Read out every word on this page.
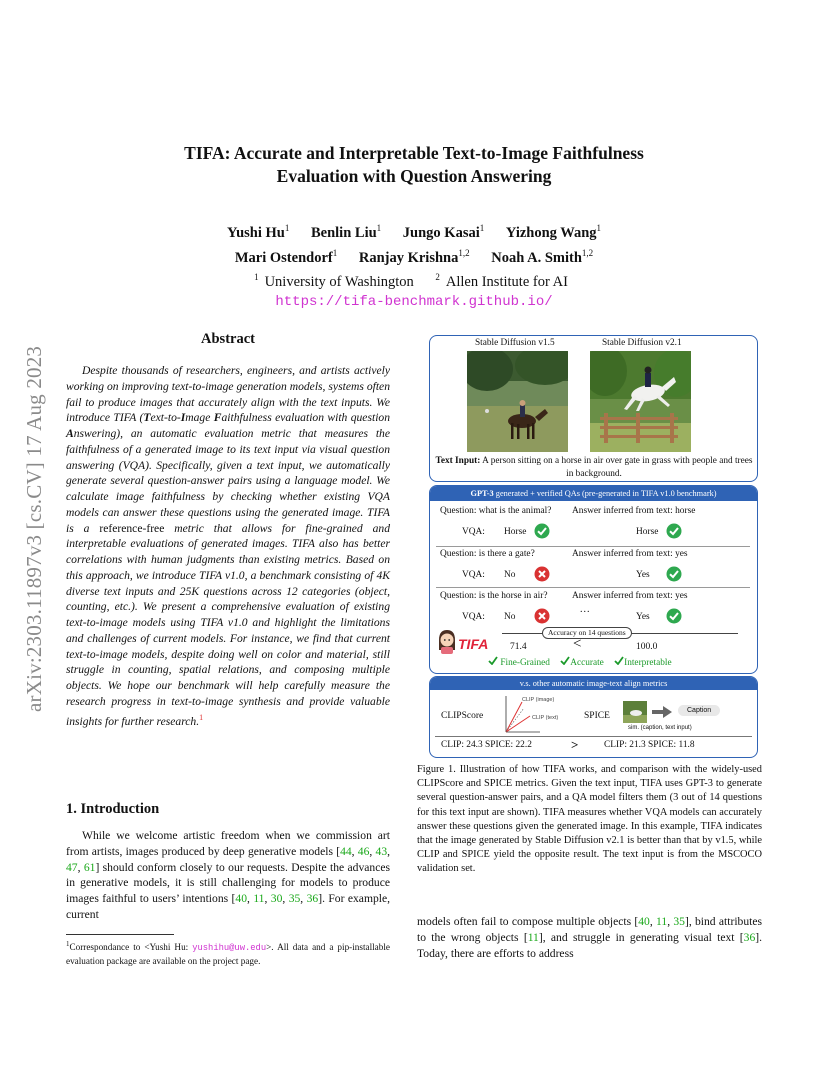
arXiv:2303.11897v3 [cs.CV] 17 Aug 2023
TIFA: Accurate and Interpretable Text-to-Image Faithfulness
Evaluation with Question Answering
Yushi Hu$^1$ Benlin Liu$^1$ Jungo Kasai$^1$ Yizhong Wang$^1$
Mari Ostendorf$^1$ Ranjay Krishna$^{1,2}$ Noah A. Smith$^{1,2}$
$^1$ University of Washington $^2$ Allen Institute for AI
https://tifa-benchmark.github.io/
Abstract
Despite thousands of researchers, engineers, and artists actively working on improving text-to-image generation models, systems often fail to produce images that accurately align with the text inputs. We introduce TIFA (Text-to-Image Faithfulness evaluation with question Answering), an automatic evaluation metric that measures the faithfulness of a generated image to its text input via visual question answering (VQA). Specifically, given a text input, we automatically generate several question-answer pairs using a language model. We calculate image faithfulness by checking whether existing VQA models can answer these questions using the generated image. TIFA is a reference-free metric that allows for fine-grained and interpretable evaluations of generated images. TIFA also has better correlations with human judgments than existing metrics. Based on this approach, we introduce TIFA v1.0, a benchmark consisting of 4K diverse text inputs and 25K questions across 12 categories (object, counting, etc.). We present a comprehensive evaluation of existing text-to-image models using TIFA v1.0 and highlight the limitations and challenges of current models. For instance, we find that current text-to-image models, despite doing well on color and material, still struggle in counting, spatial relations, and composing multiple objects. We hope our benchmark will help carefully measure the research progress in text-to-image synthesis and provide valuable insights for further research.$^1$
1. Introduction
While we welcome artistic freedom when we commission art from artists, images produced by deep generative models [44, 46, 43, 47, 61] should conform closely to our requests. Despite the advances in generative models, it is still challenging for models to produce images faithful to users’ intentions [40, 11, 30, 35, 36]. For example, current
$^1$Correspondance to <Yushi Hu: yushihu@uw.edu>. All data and a pip-installable evaluation package are available on the project page.
Stable Diffusion v1.5	Stable Diffusion v2.1
Text Input: A person sitting on a horse in air over gate in grass with people and trees in background.
GPT-3 generated + verified QAs (pre-generated in TIFA v1.0 benchmark)
Question: what is the animal? Answer inferred from text: horse
VQA: Horse	Horse
Question: is there a gate?	Answer inferred from text: yes
VQA: No	Yes
Question: is the horse in air?	Answer inferred from text: yes
VQA: No	Yes
...
Accuracy on 14 questions
TIFA 71.4	<	100.0
Fine-Grained Accurate Interpretable
v.s. other automatic image-text align metrics
CLIPScore
CLIP (image)
CLIP (text)	SPICE
Caption
sim. (caption, text input)
CLIP: 24.3 SPICE: 22.2	>	CLIP: 21.3 SPICE: 11.8
Figure 1. Illustration of how TIFA works, and comparison with the widely-used CLIPScore and SPICE metrics. Given the text input, TIFA uses GPT-3 to generate several question-answer pairs, and a QA model filters them (3 out of 14 questions for this text input are shown). TIFA measures whether VQA models can accurately answer these questions given the generated image. In this example, TIFA indicates that the image generated by Stable Diffusion v2.1 is better than that by v1.5, while CLIP and SPICE yield the opposite result. The text input is from the MSCOCO validation set.
models often fail to compose multiple objects [40, 11, 35], bind attributes to the wrong objects [11], and struggle in generating visual text [36]. Today, there are efforts to address
